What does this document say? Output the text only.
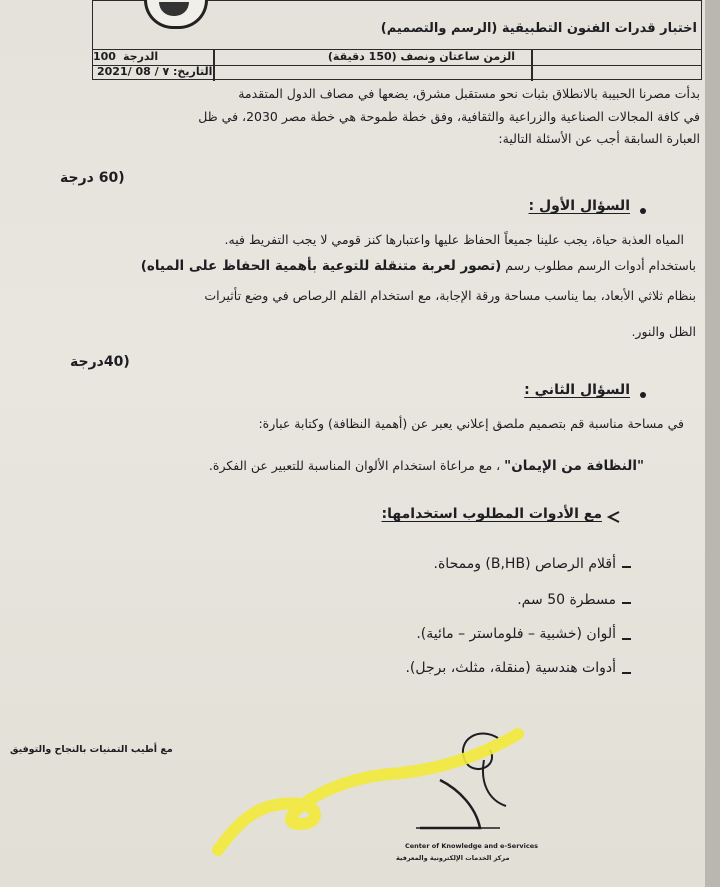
اختبار قدرات الفنون التطبيقية (الرسم والتصميم)
الزمن ساعتان ونصف (150 دقيقة)
التاريخ: ٧ / 08 /2021
الدرجة
100
بدأت مصرنا الحبيبة بالانطلاق بثبات نحو مستقبل مشرق، يضعها في مصاف الدول المتقدمة
في كافة المجالات الصناعية والزراعية والثقافية، وفق خطة طموحة هي خطة مصر 2030، في ظل
العبارة السابقة أجب عن الأسئلة التالية:
(60 درجة
السؤال الأول :
المياه العذبة حياة، يجب علينا جميعاً الحفاظ عليها واعتبارها كنز قومي لا يجب التفريط فيه.
باستخدام أدوات الرسم مطلوب رسم (تصور لعربة متنقلة للتوعية بأهمية الحفاظ على المياه)
بنظام ثلاثي الأبعاد، بما يناسب مساحة ورقة الإجابة، مع استخدام القلم الرصاص في وضع تأثيرات
الظل والنور.
(40درجة
السؤال الثاني :
في مساحة مناسبة قم بتصميم ملصق إعلاني يعبر عن (أهمية النظافة) وكتابة عبارة:
"النظافة من الإيمان" ، مع مراعاة استخدام الألوان المناسبة للتعبير عن الفكرة.
مع الأدوات المطلوب استخدامها:
أقلام الرصاص (B,HB) وممحاة.
مسطرة 50 سم.
ألوان (خشبية – فلوماستر – مائية).
أدوات هندسية (منقلة، مثلث، برجل).
مع أطيب التمنيات بالنجاح والتوفيق
Center of Knowledge and e-Services
مركز الخدمات الإلكترونية والمعرفية
